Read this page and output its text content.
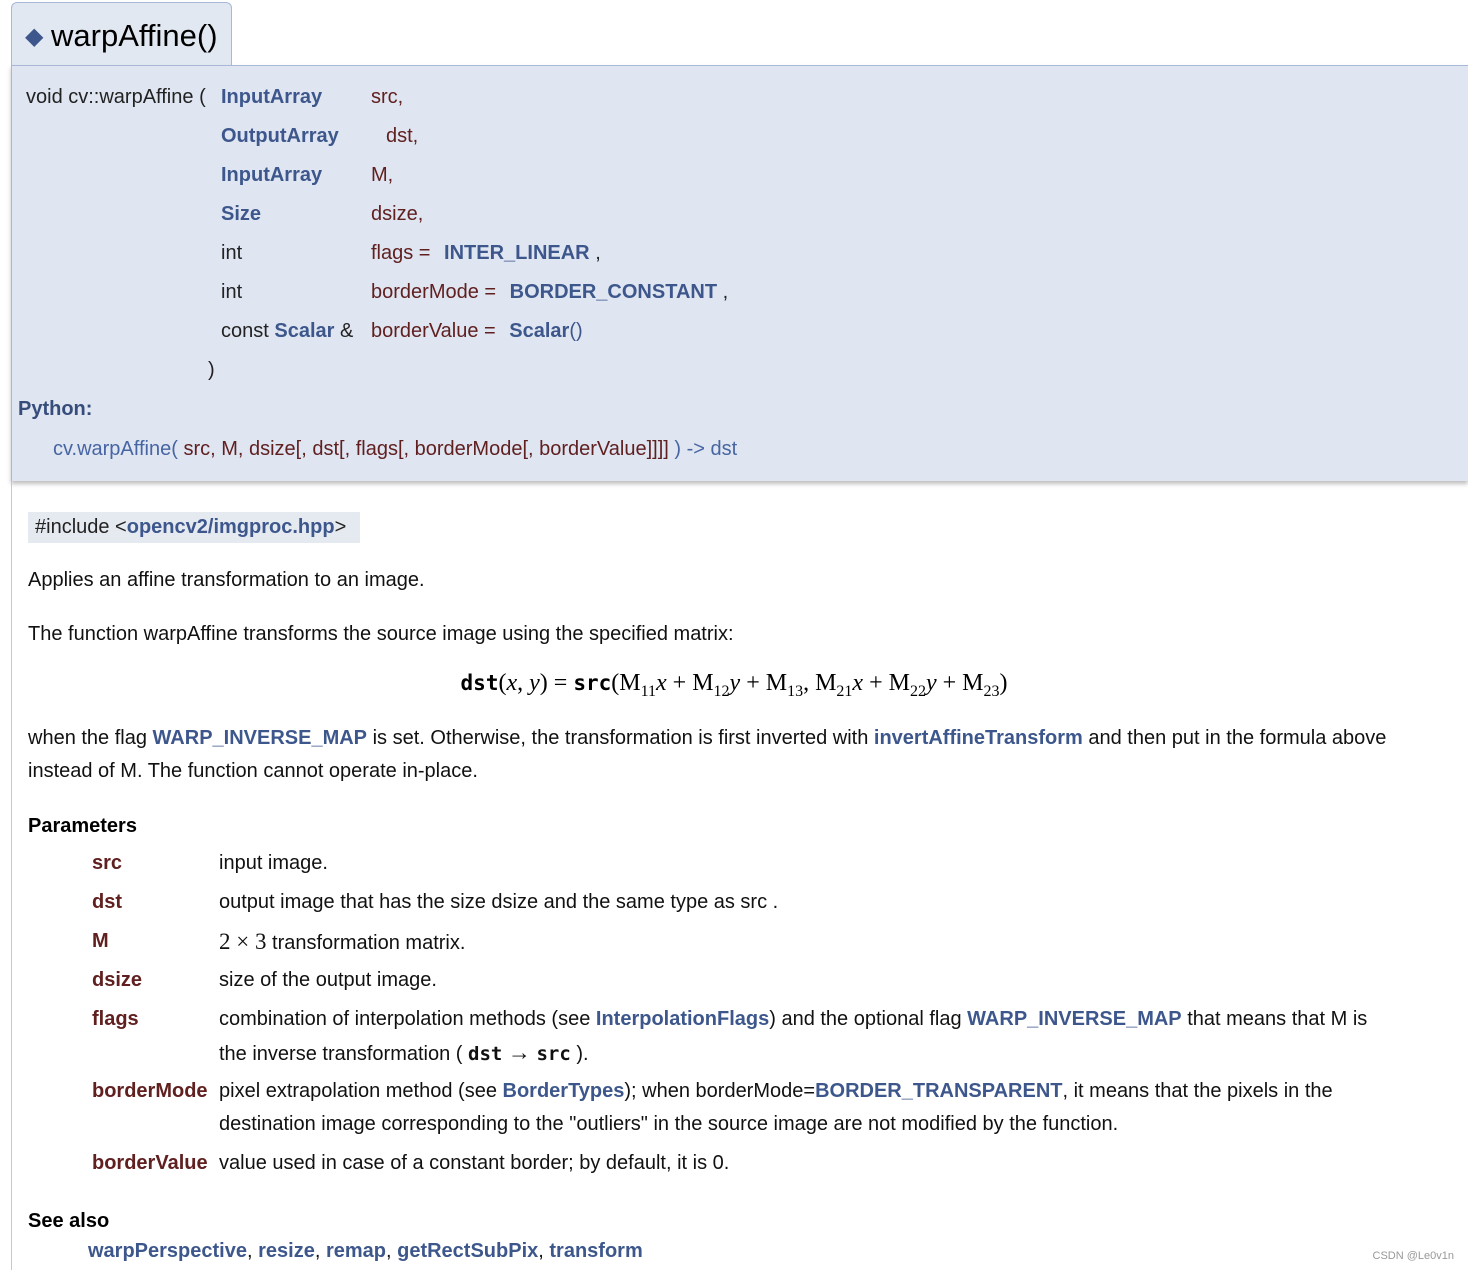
◆ warpAffine()
void cv::warpAffine ( InputArray src,
OutputArray dst,
InputArray M,
Size	dsize,
int	flags = INTER_LINEAR ,
int	borderMode = BORDER_CONSTANT ,
const Scalar & borderValue = Scalar()
)
Python:
cv.warpAffine( src, M, dsize[, dst[, flags[, borderMode[, borderValue]]]] ) -> dst
#include <opencv2/imgproc.hpp>
Applies an affine transformation to an image.
The function warpAffine transforms the source image using the specified matrix:
dst(x, $y) = src(M_{11}x + M_{12}y + M_{13}$, $M_{21}x + M_{22}y + M_{23}$)
when the flag WARP_INVERSE_MAP is set. Otherwise, the transformation is first inverted with invertAffineTransform and then put in the formula above
instead of M. The function cannot operate in-place.
Parameters
src	input image.
dst	output image that has the size dsize and the same type as src .
M	2 × 3 transformation matrix.
dsize	size of the output image.
flags	combination of interpolation methods (see InterpolationFlags) and the optional flag WARP_INVERSE_MAP that means that M is
the inverse transformation ( dst → src ).
borderMode pixel extrapolation method (see BorderTypes); when borderMode=BORDER_TRANSPARENT, it means that the pixels in the
destination image corresponding to the "outliers" in the source image are not modified by the function.
borderValue value used in case of a constant border; by default, it is 0.
See also
warpPerspective, resize, remap, getRectSubPix, transform	CSDN @Le0v1n
